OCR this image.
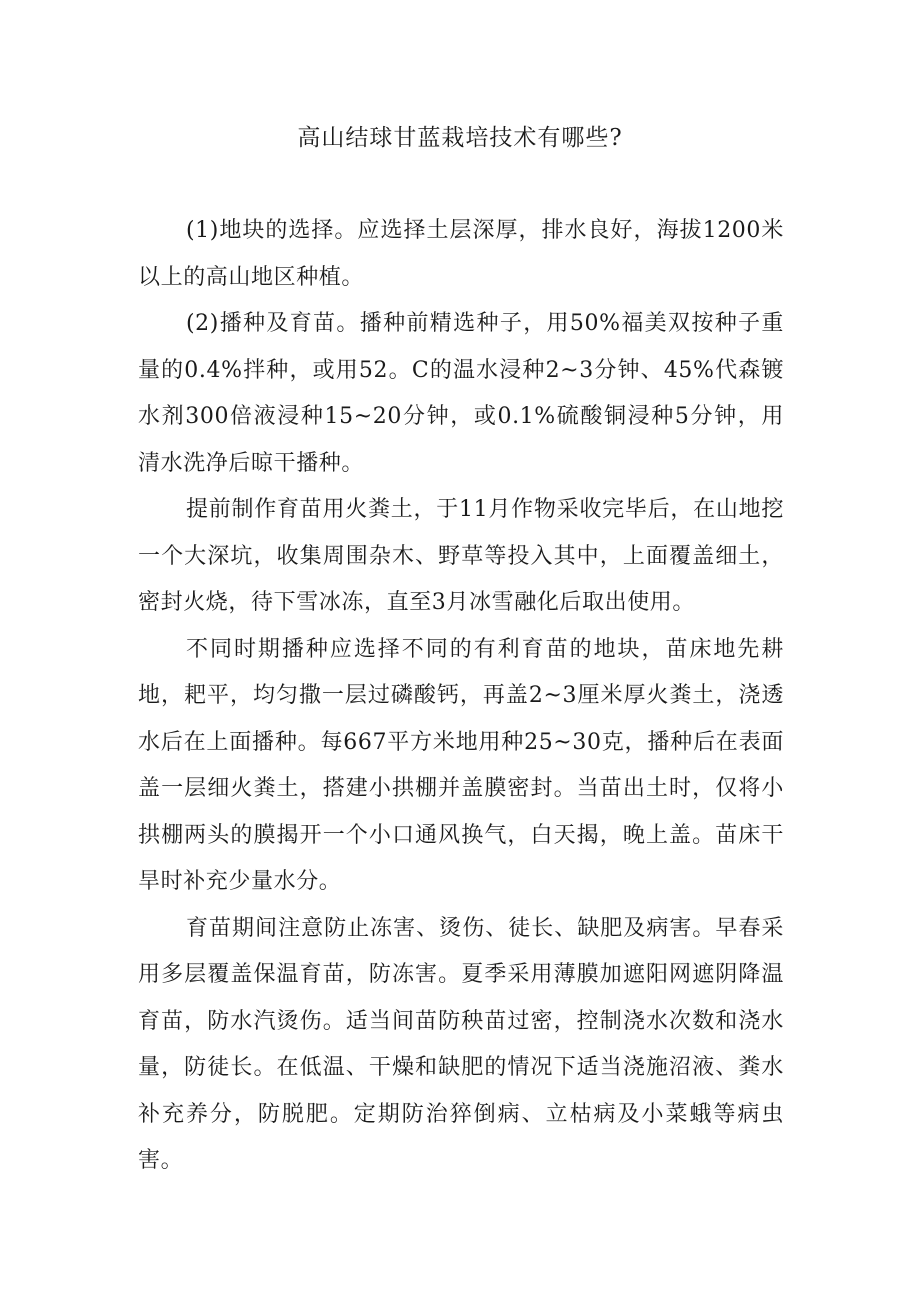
高山结球甘蓝栽培技术有哪些?

(1)地块的选择。应选择土层深厚，排水良好，海拔1200米以上的高山地区种植。

(2)播种及育苗。播种前精选种子，用50%福美双按种子重量的0.4%拌种，或用52。C的温水浸种2~3分钟、45%代森镀水剂300倍液浸种15~20分钟，或0.1%硫酸铜浸种5分钟，用清水洗净后晾干播种。

提前制作育苗用火粪土，于11月作物采收完毕后，在山地挖一个大深坑，收集周围杂木、野草等投入其中，上面覆盖细土，密封火烧，待下雪冰冻，直至3月冰雪融化后取出使用。

不同时期播种应选择不同的有利育苗的地块，苗床地先耕地，耙平，均匀撒一层过磷酸钙，再盖2~3厘米厚火粪土，浇透水后在上面播种。每667平方米地用种25~30克，播种后在表面盖一层细火粪土，搭建小拱棚并盖膜密封。当苗出土时，仅将小拱棚两头的膜揭开一个小口通风换气，白天揭，晚上盖。苗床干旱时补充少量水分。

育苗期间注意防止冻害、烫伤、徒长、缺肥及病害。早春采用多层覆盖保温育苗，防冻害。夏季采用薄膜加遮阳网遮阴降温育苗，防水汽烫伤。适当间苗防秧苗过密，控制浇水次数和浇水量，防徒长。在低温、干燥和缺肥的情况下适当浇施沼液、粪水补充养分，防脱肥。定期防治猝倒病、立枯病及小菜蛾等病虫害。
